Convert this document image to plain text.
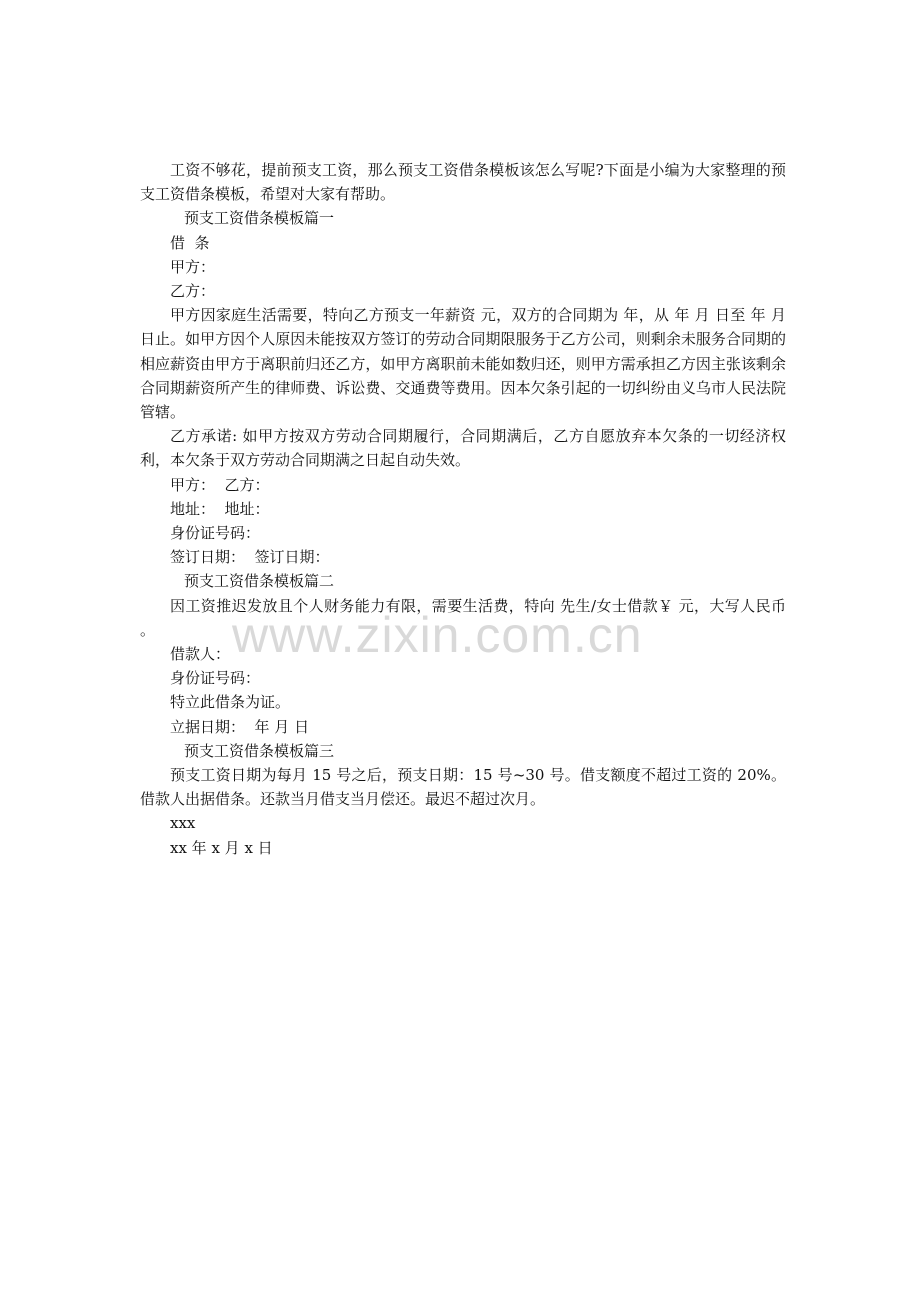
www.zixin.com.cn

工资不够花，提前预支工资，那么预支工资借条模板该怎么写呢?下面是小编为大家整理的预支工资借条模板，希望对大家有帮助。

预支工资借条模板篇一

借  条

甲方：

乙方：

甲方因家庭生活需要，特向乙方预支一年薪资 元，双方的合同期为 年，从 年 月 日至 年 月 日止。如甲方因个人原因未能按双方签订的劳动合同期限服务于乙方公司，则剩余未服务合同期的相应薪资由甲方于离职前归还乙方，如甲方离职前未能如数归还，则甲方需承担乙方因主张该剩余合同期薪资所产生的律师费、诉讼费、交通费等费用。因本欠条引起的一切纠纷由义乌市人民法院管辖。

乙方承诺: 如甲方按双方劳动合同期履行，合同期满后，乙方自愿放弃本欠条的一切经济权利，本欠条于双方劳动合同期满之日起自动失效。

甲方：  乙方：

地址：  地址：

身份证号码：

签订日期：  签订日期：

预支工资借条模板篇二

因工资推迟发放且个人财务能力有限，需要生活费，特向 先生/女士借款￥ 元，大写人民币 。

借款人：

身份证号码：

特立此借条为证。

立据日期：  年 月 日

预支工资借条模板篇三

预支工资日期为每月 15 号之后，预支日期：15 号~30 号。借支额度不超过工资的 20%。借款人出据借条。还款当月借支当月偿还。最迟不超过次月。

xxx

xx 年 x 月 x 日
